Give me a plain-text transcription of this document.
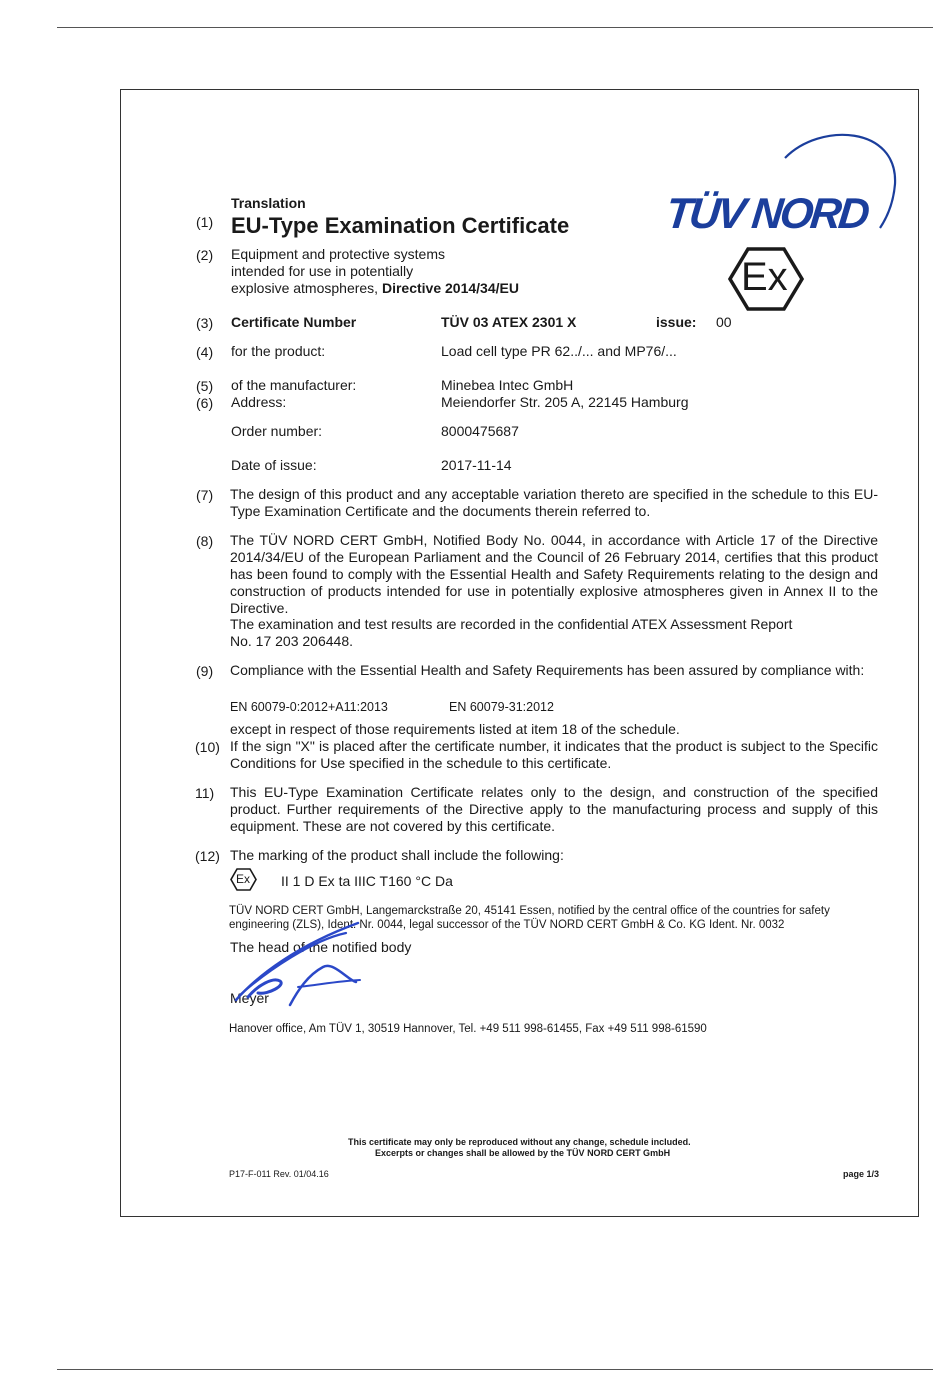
TÜV NORD
Ex
Translation
(1) EU-Type Examination Certificate
(2) Equipment and protective systems
intended for use in potentially
explosive atmospheres, Directive 2014/34/EU
(3) Certificate Number	TÜV 03 ATEX 2301 X	issue: 00
(4) for the product:	Load cell type PR 62../... and MP76/...
(5) of the manufacturer:	Minebea Intec GmbH
(6) Address:	Meiendorfer Str. 205 A, 22145 Hamburg
Order number:	8000475687
Date of issue:	2017-11-14
(7) The design of this product and any acceptable variation thereto are specified in the schedule to this EU-Type Examination Certificate and the documents therein referred to.
(8) The TÜV NORD CERT GmbH, Notified Body No. 0044, in accordance with Article 17 of the Directive 2014/34/EU of the European Parliament and the Council of 26 February 2014, certifies that this product has been found to comply with the Essential Health and Safety Requirements relating to the design and construction of products intended for use in potentially explosive atmospheres given in Annex II to the Directive.
The examination and test results are recorded in the confidential ATEX Assessment Report
No. 17 203 206448.
(9) Compliance with the Essential Health and Safety Requirements has been assured by compliance with:
EN 60079-0:2012+A11:2013	EN 60079-31:2012
except in respect of those requirements listed at item 18 of the schedule.
(10) If the sign "X" is placed after the certificate number, it indicates that the product is subject to the Specific Conditions for Use specified in the schedule to this certificate.
11) This EU-Type Examination Certificate relates only to the design, and construction of the specified product. Further requirements of the Directive apply to the manufacturing process and supply of this equipment. These are not covered by this certificate.
(12) The marking of the product shall include the following:
Ex II 1 D Ex ta IIIC T160 °C Da
TÜV NORD CERT GmbH, Langemarckstraße 20, 45141 Essen, notified by the central office of the countries for safety engineering (ZLS), Ident. Nr. 0044, legal successor of the TÜV NORD CERT GmbH & Co. KG Ident. Nr. 0032
The head of the notified body
Meyer
Hanover office, Am TÜV 1, 30519 Hannover, Tel. +49 511 998-61455, Fax +49 511 998-61590
This certificate may only be reproduced without any change, schedule included.
Excerpts or changes shall be allowed by the TÜV NORD CERT GmbH
P17-F-011 Rev. 01/04.16	page 1/3
